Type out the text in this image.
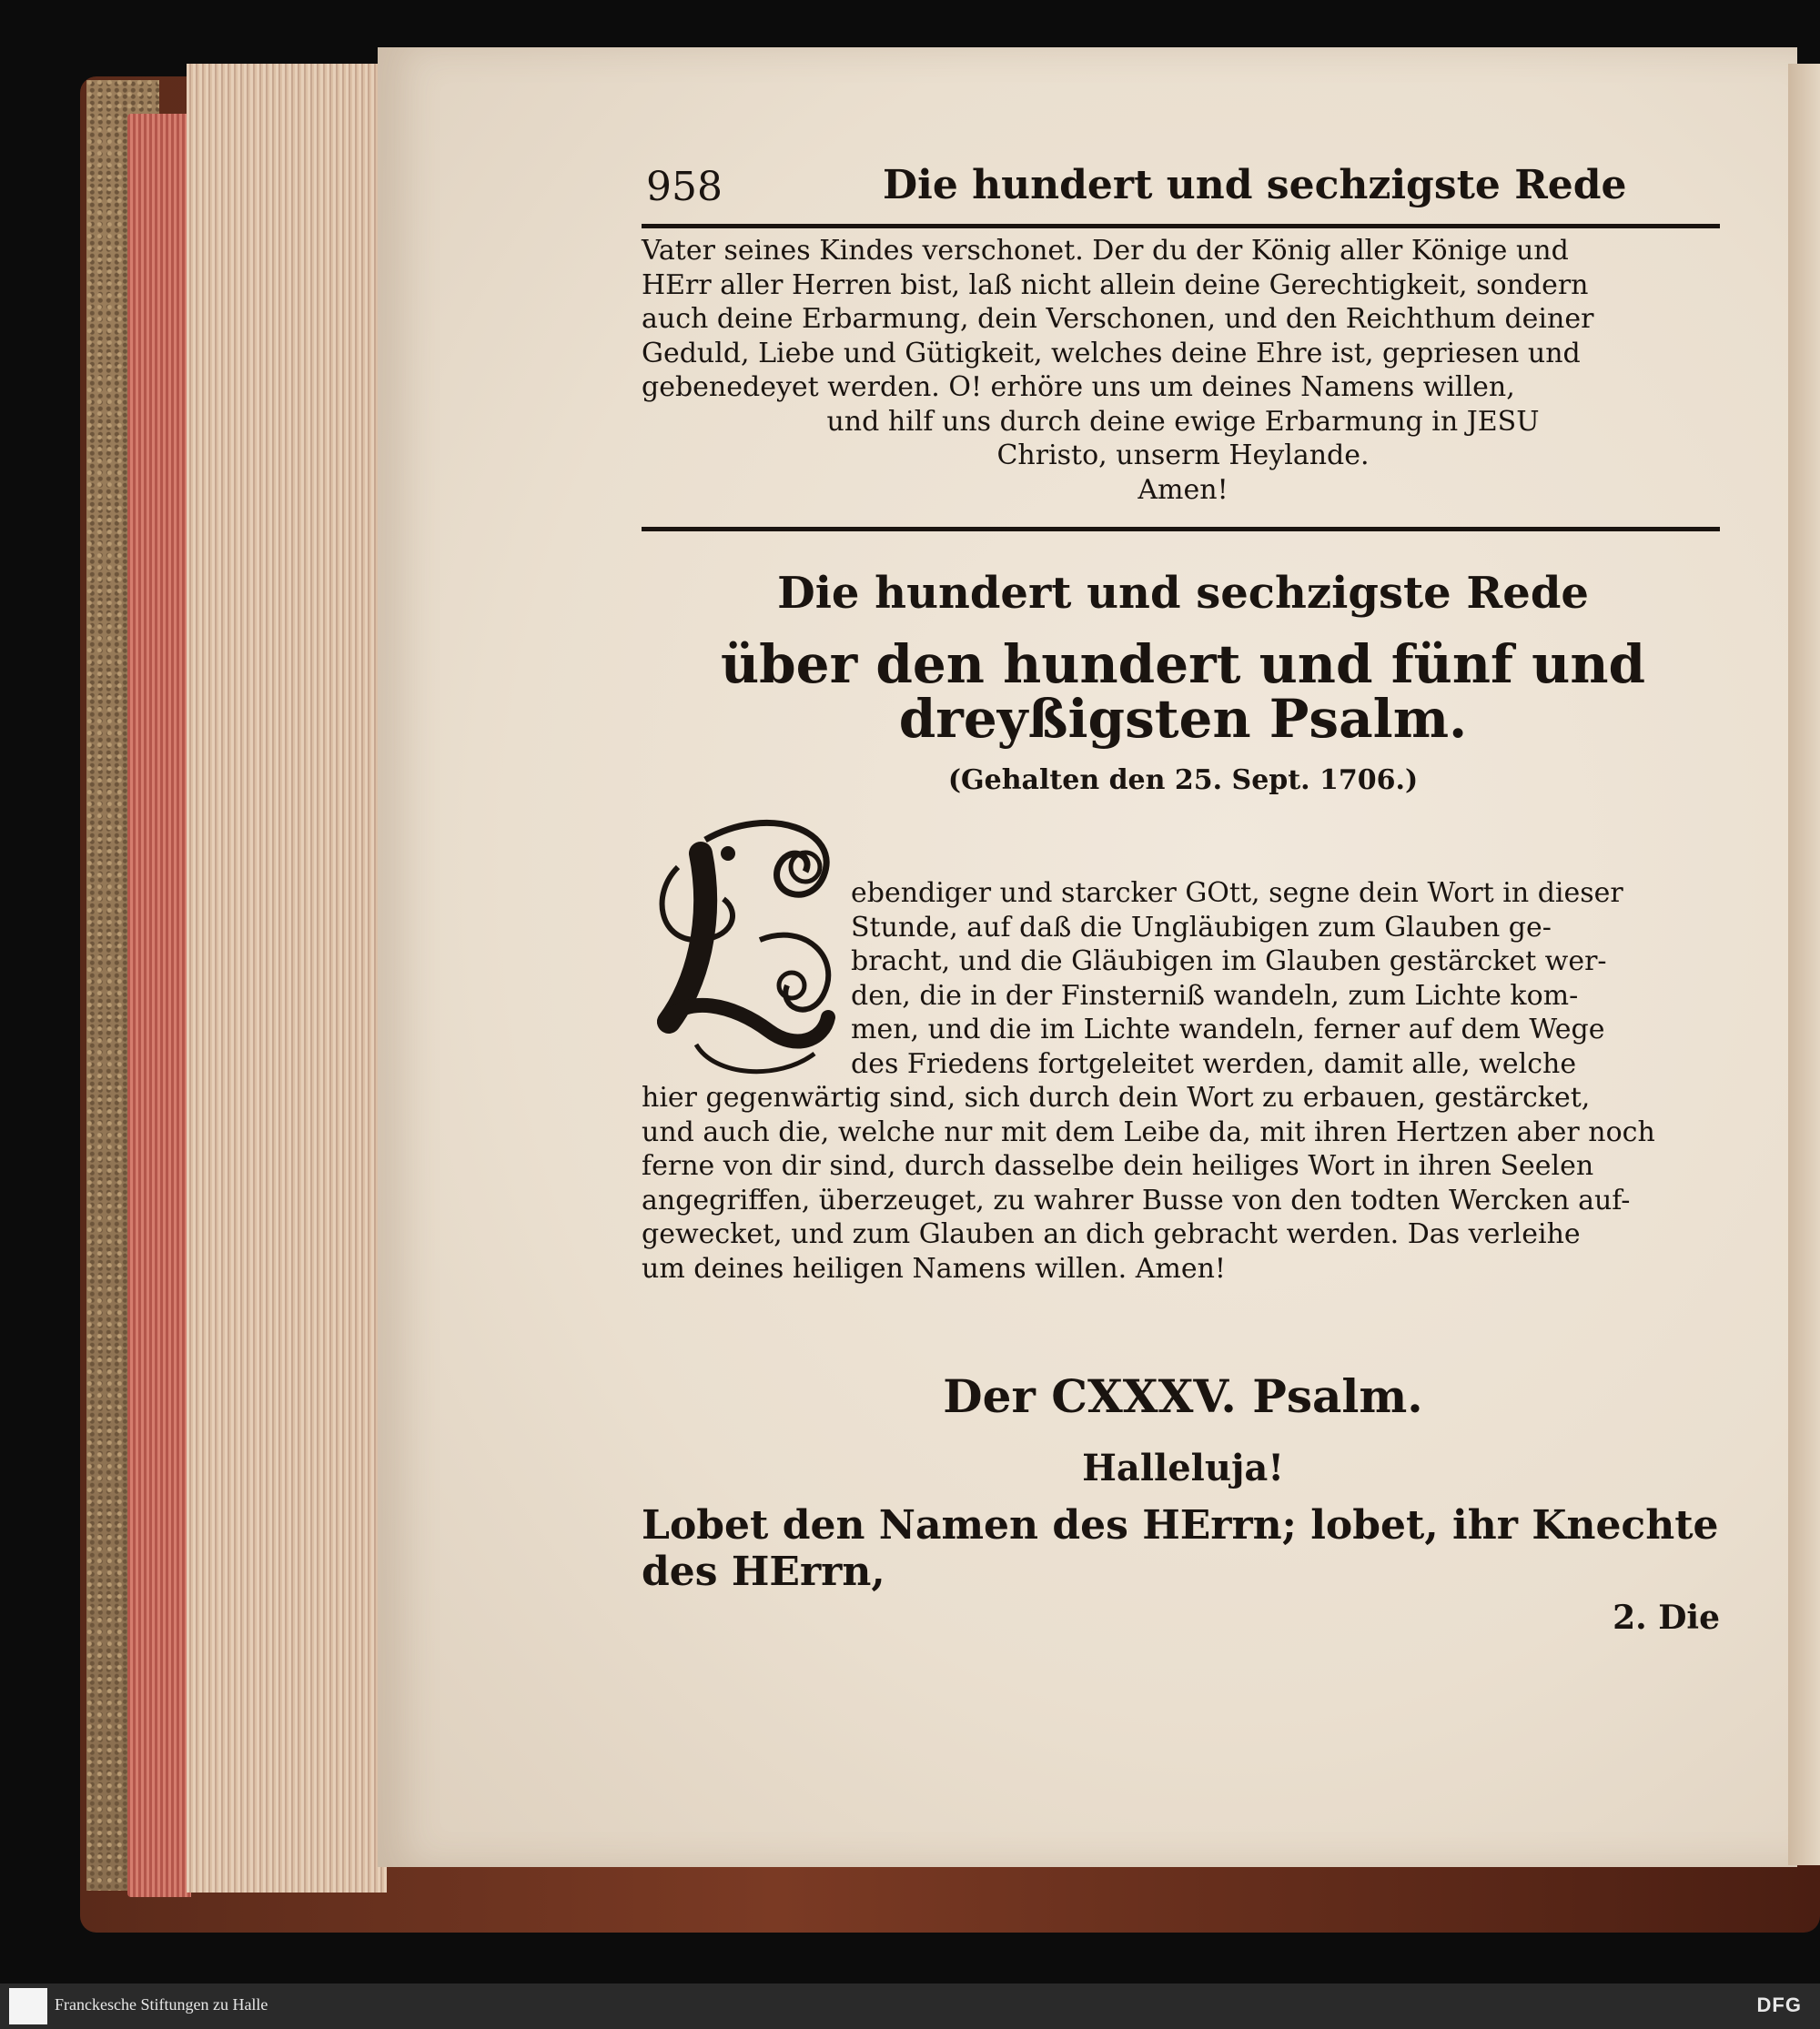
958	Die hundert und sechzigste Rede

Vater seines Kindes verschonet. Der du der König aller Könige und

HErr aller Herren bist, laß nicht allein deine Gerechtigkeit, sondern

auch deine Erbarmung, dein Verschonen, und den Reichthum deiner

Geduld, Liebe und Gütigkeit, welches deine Ehre ist, gepriesen und

gebenedeyet werden. O! erhöre uns um deines Namens willen,

und hilf uns durch deine ewige Erbarmung in JESU

Christo, unserm Heylande.

Amen!

Die hundert und sechzigste Rede
über den hundert und fünf und dreyßigsten Psalm.
(Gehalten den 25. Sept. 1706.)
ebendiger und starcker GOtt, segne dein Wort in dieser
Stunde, auf daß die Ungläubigen zum Glauben ge-
bracht, und die Gläubigen im Glauben gestärcket wer-
den, die in der Finsterniß wandeln, zum Lichte kom-
men, und die im Lichte wandeln, ferner auf dem Wege
des Friedens fortgeleitet werden, damit alle, welche
hier gegenwärtig sind, sich durch dein Wort zu erbauen, gestärcket,
und auch die, welche nur mit dem Leibe da, mit ihren Hertzen aber noch
ferne von dir sind, durch dasselbe dein heiliges Wort in ihren Seelen
angegriffen, überzeuget, zu wahrer Busse von den todten Wercken auf-
gewecket, und zum Glauben an dich gebracht werden. Das verleihe
um deines heiligen Namens willen. Amen!
Der CXXXV. Psalm.
Halleluja!
Lobet den Namen des HErrn; lobet, ihr Knechte des HErrn,
2. Die
Franckesche Stiftungen zu Halle	DFG
